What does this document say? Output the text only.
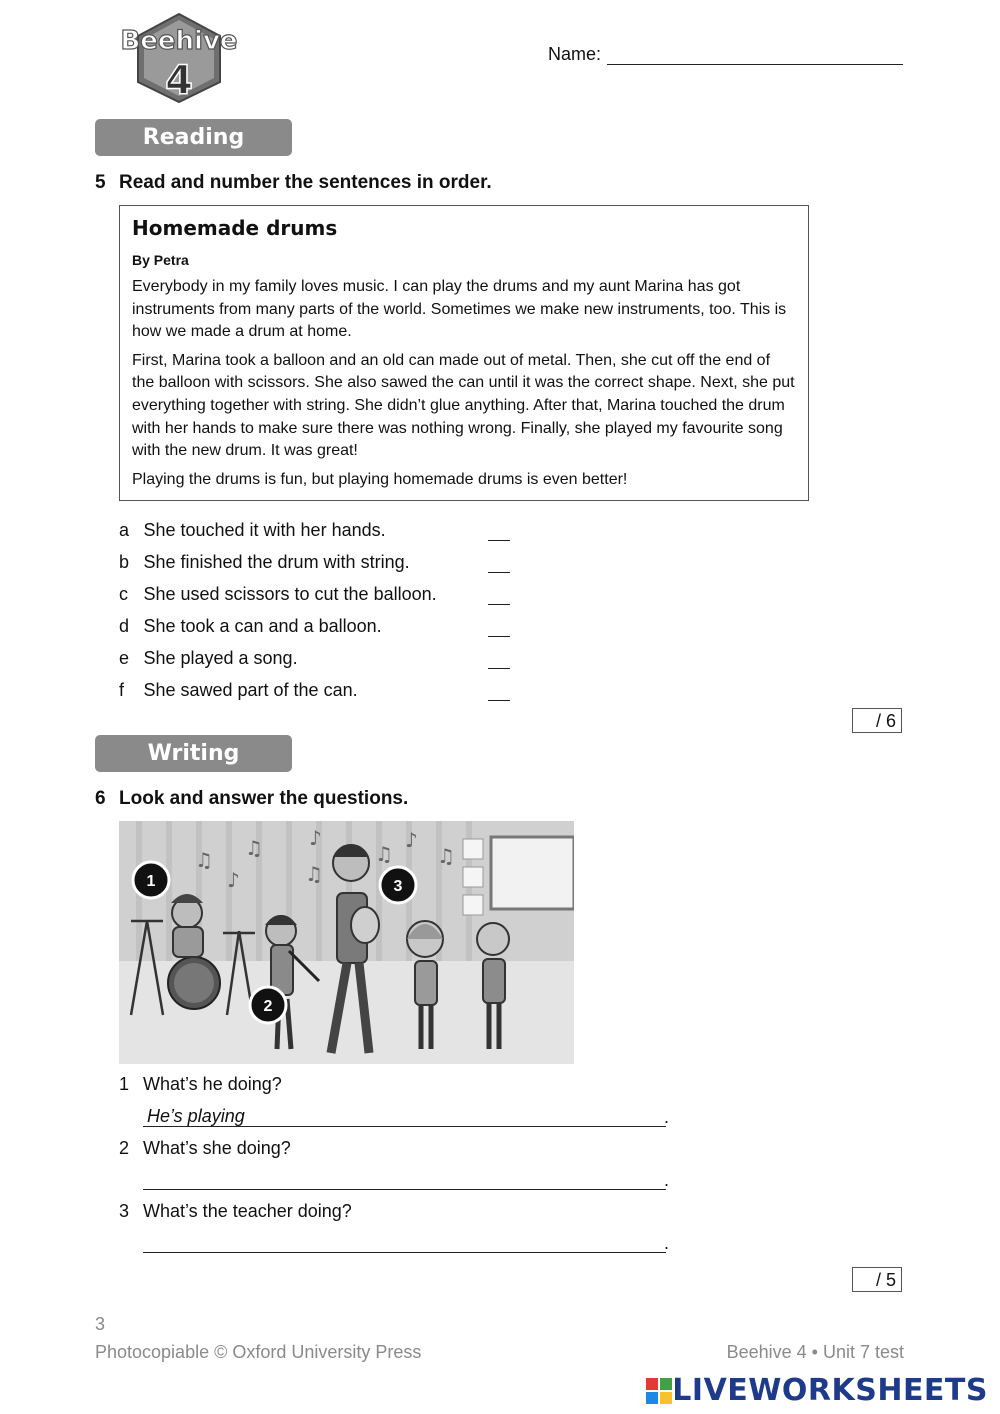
Beehive
4
Name:
Reading
5 Read and number the sentences in order.

Homemade drums

By Petra

Everybody in my family loves music. I can play the drums and my aunt Marina has got instruments from many parts of the world. Sometimes we make new instruments, too. This is how we made a drum at home.

First, Marina took a balloon and an old can made out of metal. Then, she cut off the end of the balloon with scissors. She also sawed the can until it was the correct shape. Next, she put everything together with string. She didn’t glue anything. After that, Marina touched the drum with her hands to make sure there was nothing wrong. Finally, she played my favourite song with the new drum. It was great!

Playing the drums is fun, but playing homemade drums is even better!

a She touched it with her hands.
b She finished the drum with string.
c She used scissors to cut the balloon.
d She took a can and a balloon.
e She played a song.
f She sawed part of the can.
/ 6
Writing
6 Look and answer the questions.
♫
♪
♫
♫
♪
♫
♪
♫
1
2
3
1 What’s he doing?
He’s playing	.
2 What’s she doing?
.
3 What’s the teacher doing?
.
/ 5
3
Photocopiable © Oxford University Press	Beehive 4 • Unit 7 test
LIVEWORKSHEETS
